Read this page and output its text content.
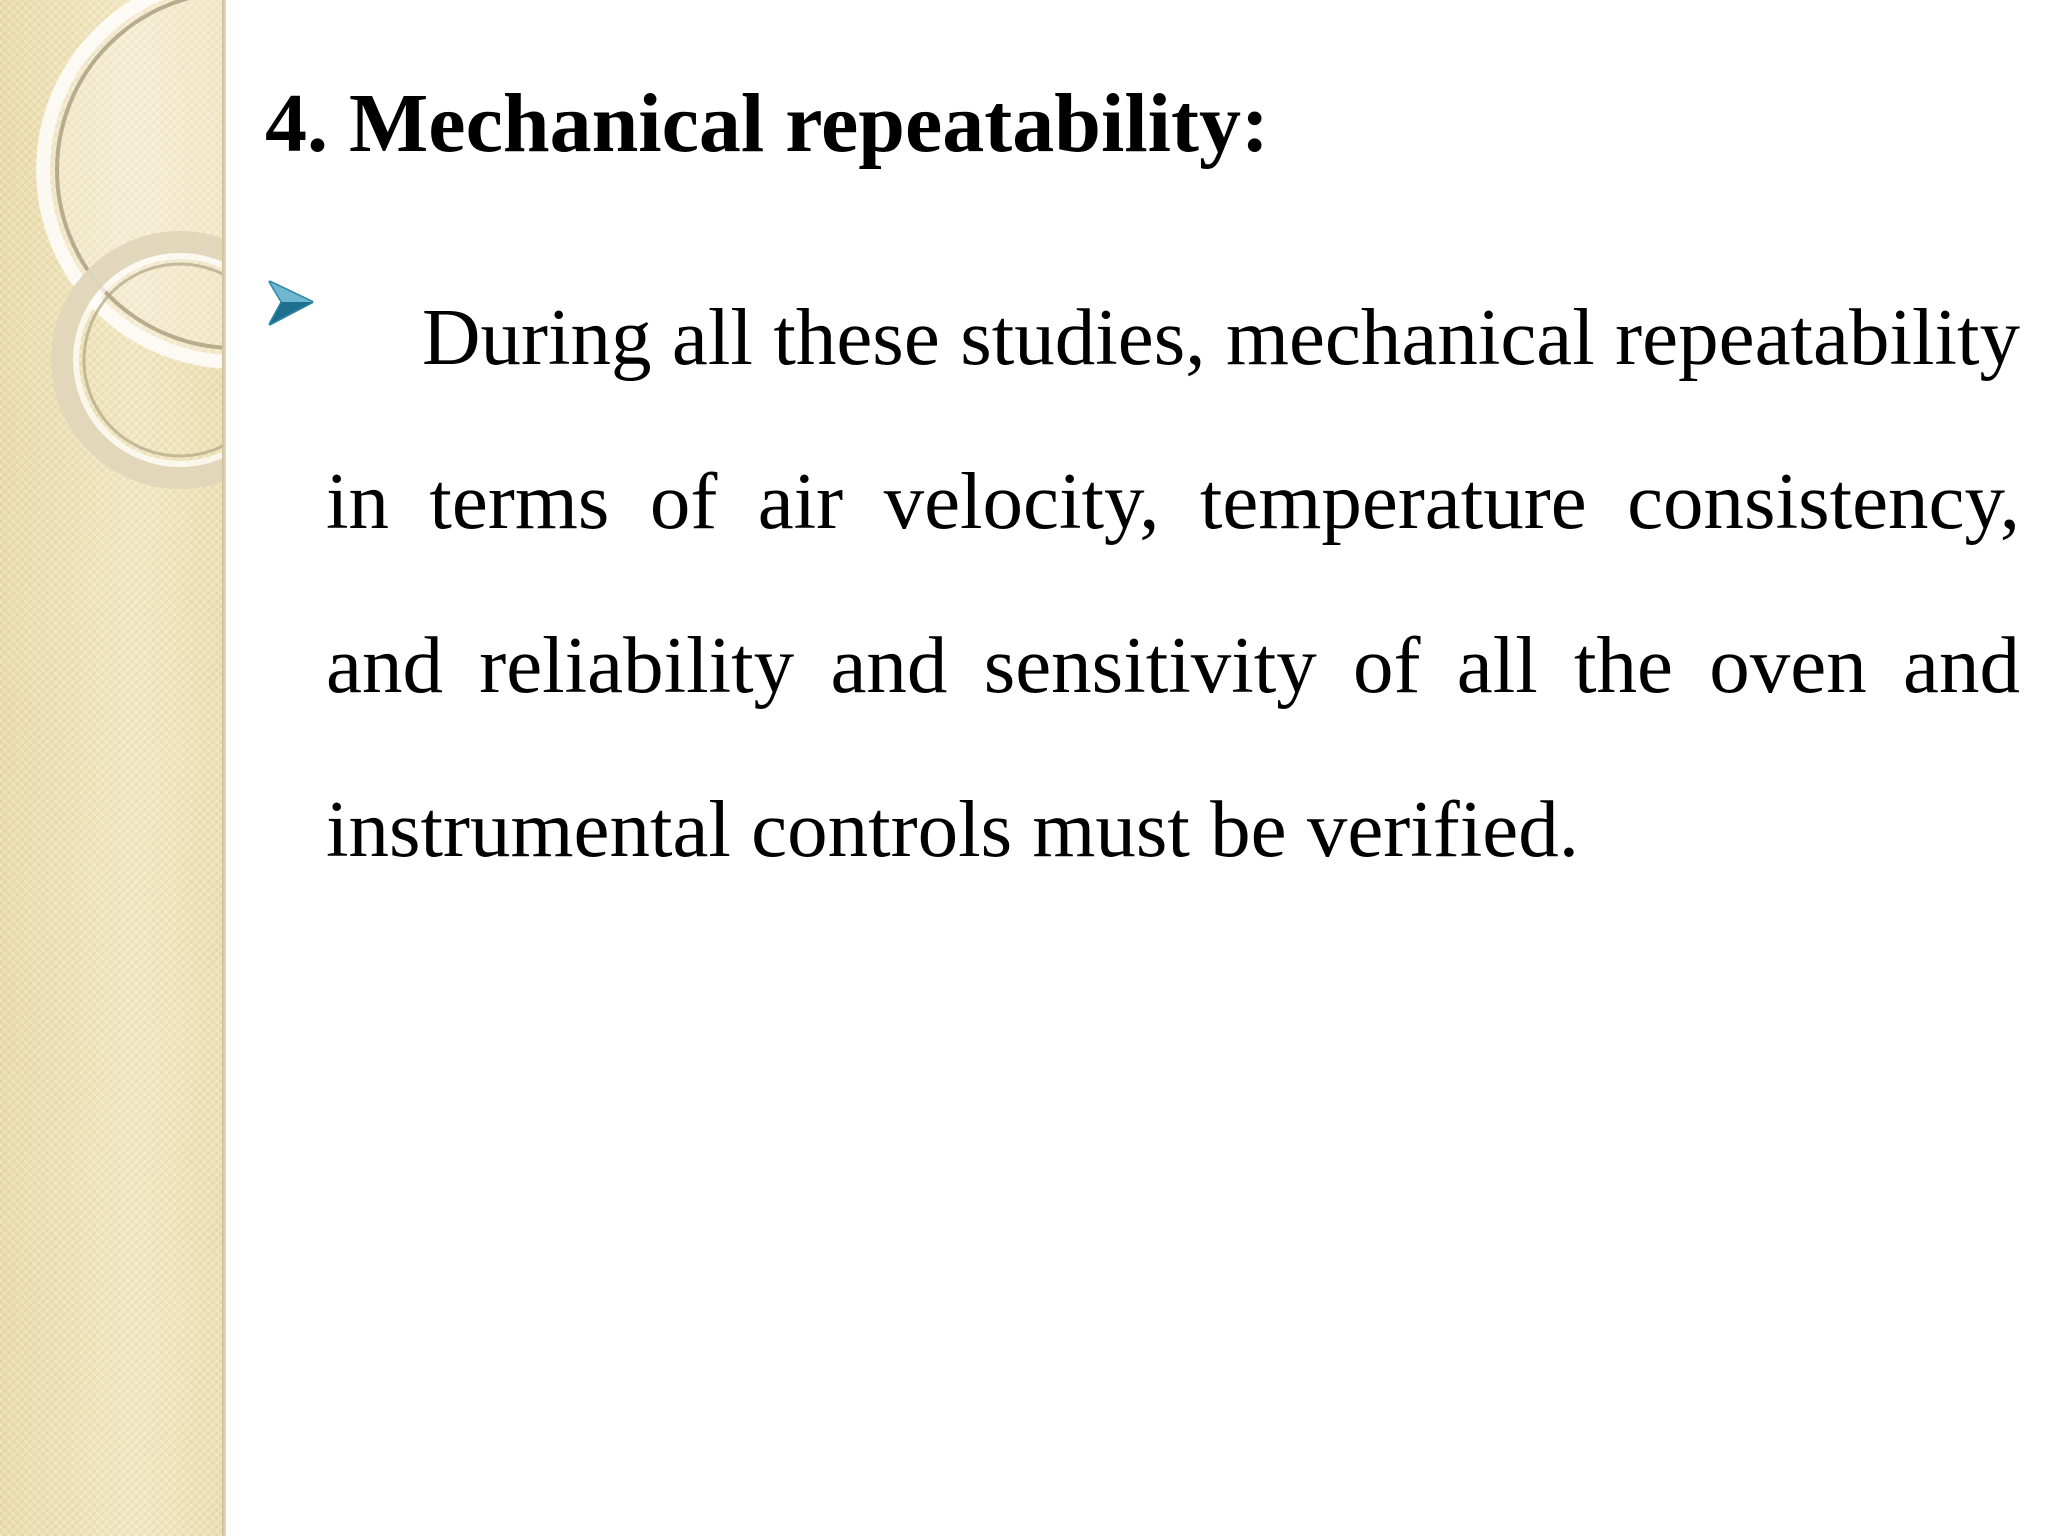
4. Mechanical repeatability:

During all these studies, mechanical repeatability in terms of air velocity, temperature consistency, and reliability and sensitivity of all the oven and instrumental controls must be verified.
